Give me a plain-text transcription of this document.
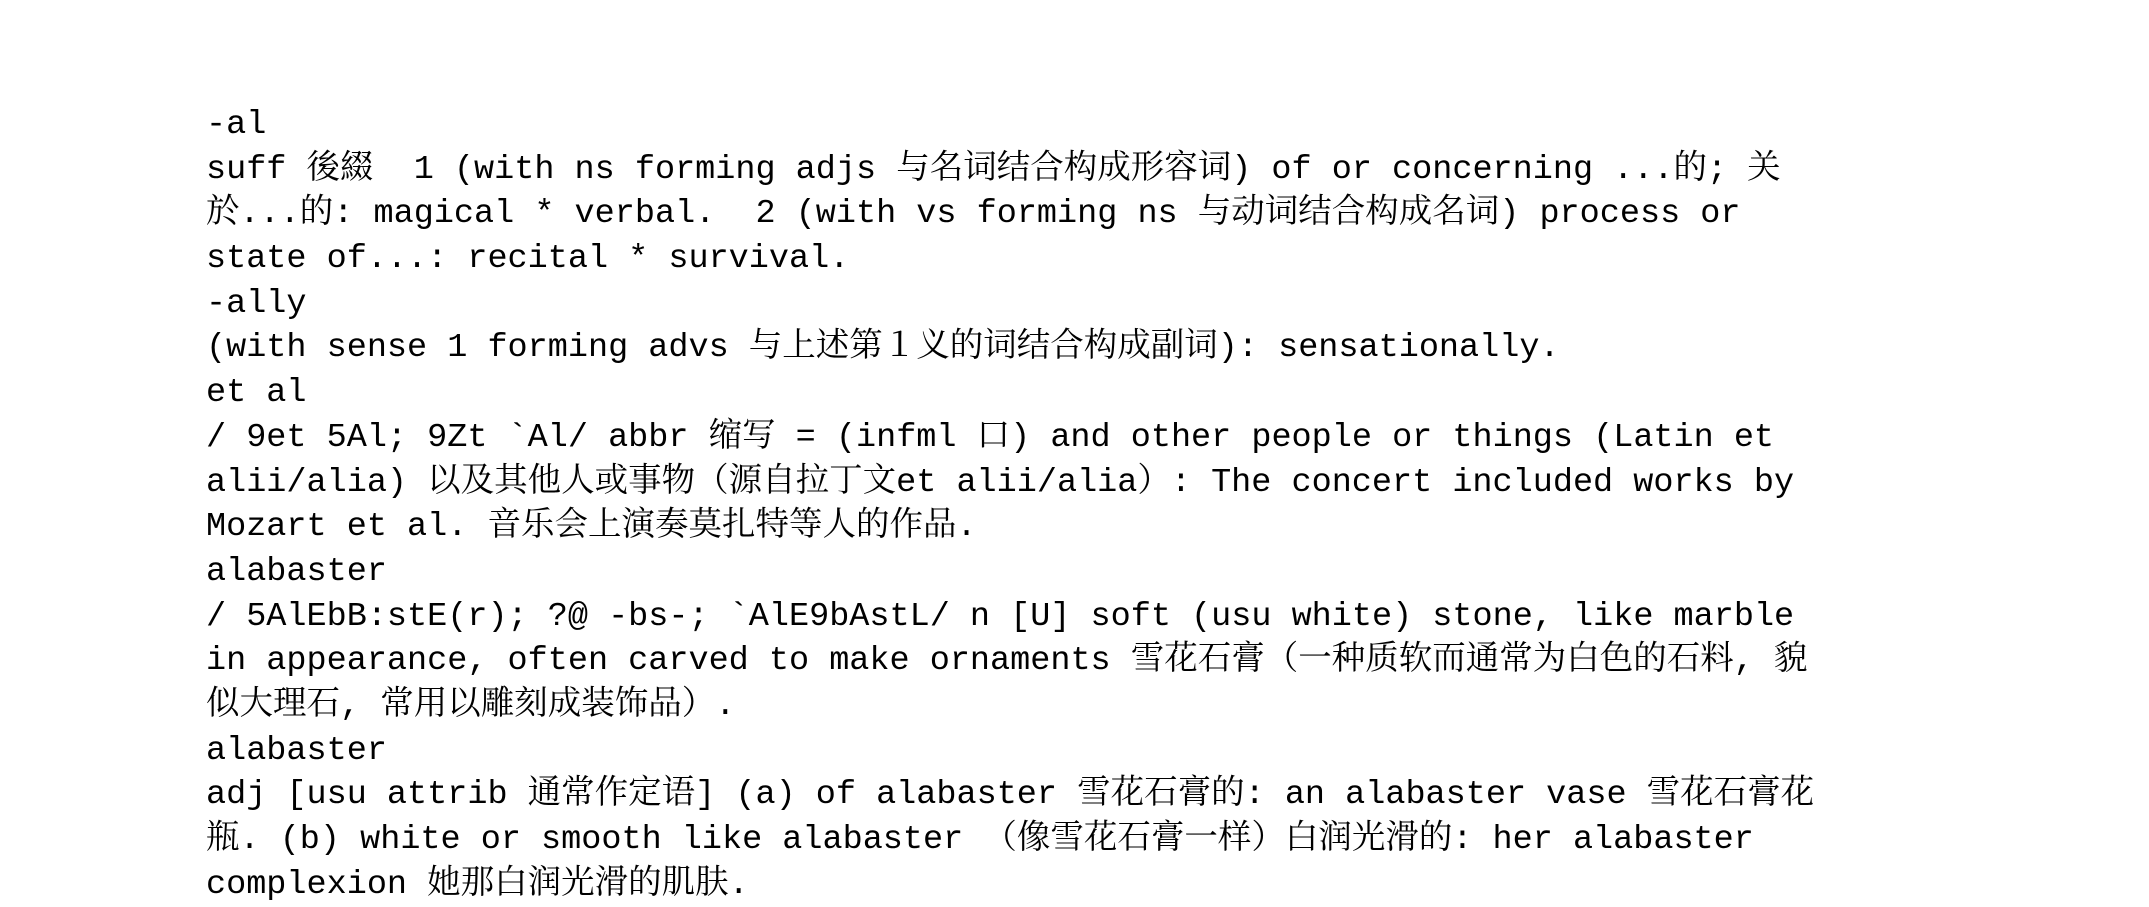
-al
suff 後綴  1 (with ns forming adjs 与名词结合构成形容词) of or concerning ...的; 关
於...的: magical * verbal.  2 (with vs forming ns 与动词结合构成名词) process or
state of...: recital * survival.
-ally
(with sense 1 forming advs 与上述第１义的词结合构成副词): sensationally.
et al
/ 9et 5Al; 9Zt `Al/ abbr 缩写 = (infml 口) and other people or things (Latin et
alii/alia) 以及其他人或事物（源自拉丁文et alii/alia）: The concert included works by
Mozart et al. 音乐会上演奏莫扎特等人的作品.
alabaster
/ 5AlEbB:stE(r); ?@ -bs-; `AlE9bAstL/ n [U] soft (usu white) stone, like marble
in appearance, often carved to make ornaments 雪花石膏（一种质软而通常为白色的石料, 貌
似大理石, 常用以雕刻成装饰品）.
alabaster
adj [usu attrib 通常作定语] (a) of alabaster 雪花石膏的: an alabaster vase 雪花石膏花
瓶. (b) white or smooth like alabaster （像雪花石膏一样）白润光滑的: her alabaster
complexion 她那白润光滑的肌肤.
